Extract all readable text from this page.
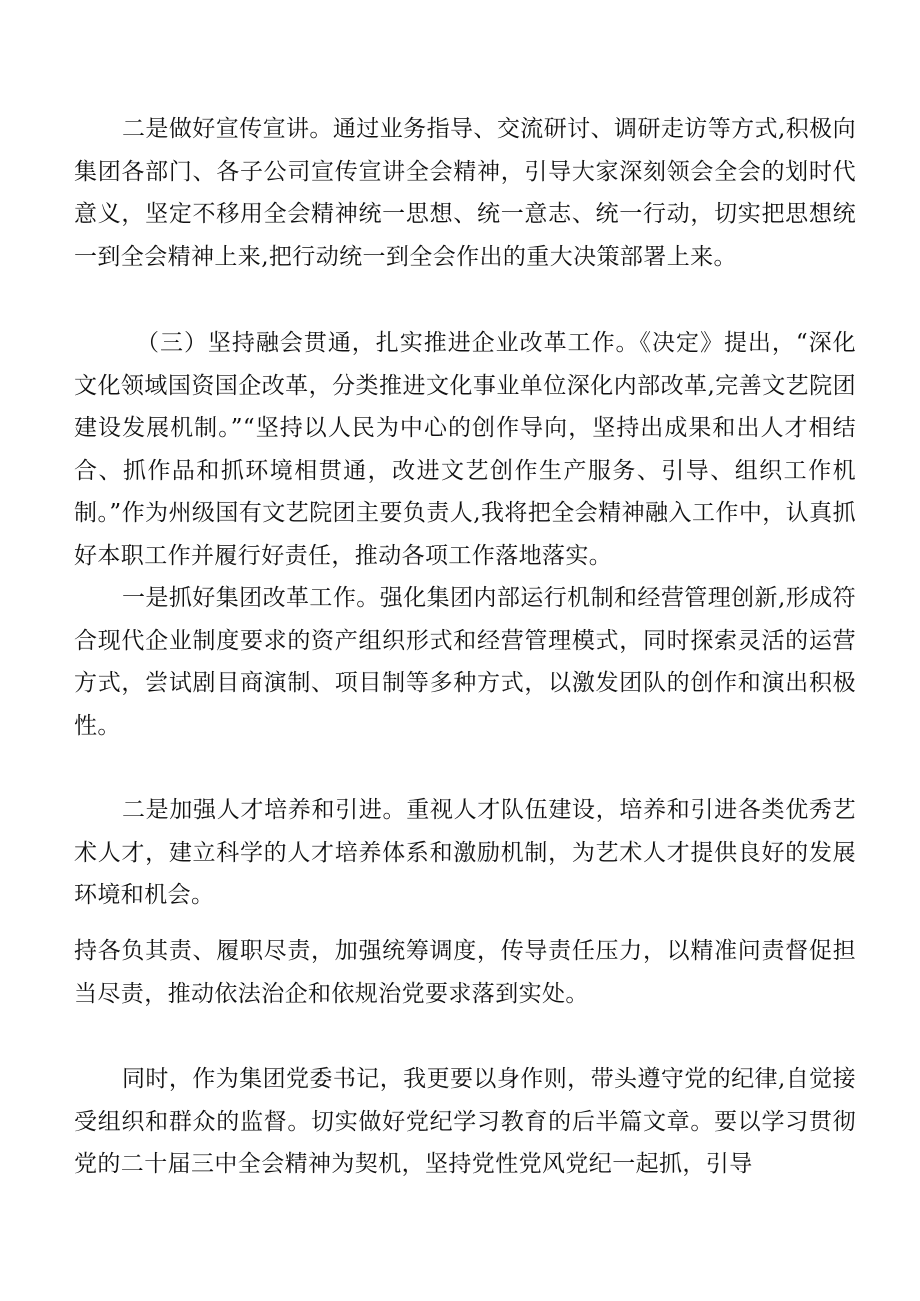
二是做好宣传宣讲。通过业务指导、交流研讨、调研走访等方式,积极向集团各部门、各子公司宣传宣讲全会精神，引导大家深刻领会全会的划时代意义，坚定不移用全会精神统一思想、统一意志、统一行动，切实把思想统一到全会精神上来,把行动统一到全会作出的重大决策部署上来。

（三）坚持融会贯通，扎实推进企业改革工作。《决定》提出，“深化文化领域国资国企改革，分类推进文化事业单位深化内部改革,完善文艺院团建设发展机制。”“坚持以人民为中心的创作导向，坚持出成果和出人才相结合、抓作品和抓环境相贯通，改进文艺创作生产服务、引导、组织工作机制。”作为州级国有文艺院团主要负责人,我将把全会精神融入工作中，认真抓好本职工作并履行好责任，推动各项工作落地落实。

一是抓好集团改革工作。强化集团内部运行机制和经营管理创新,形成符合现代企业制度要求的资产组织形式和经营管理模式，同时探索灵活的运营方式，尝试剧目商演制、项目制等多种方式，以激发团队的创作和演出积极性。

二是加强人才培养和引进。重视人才队伍建设，培养和引进各类优秀艺术人才，建立科学的人才培养体系和激励机制，为艺术人才提供良好的发展环境和机会。

持各负其责、履职尽责，加强统筹调度，传导责任压力，以精准问责督促担当尽责，推动依法治企和依规治党要求落到实处。

同时，作为集团党委书记，我更要以身作则，带头遵守党的纪律,自觉接受组织和群众的监督。切实做好党纪学习教育的后半篇文章。要以学习贯彻党的二十届三中全会精神为契机，坚持党性党风党纪一起抓，引导
